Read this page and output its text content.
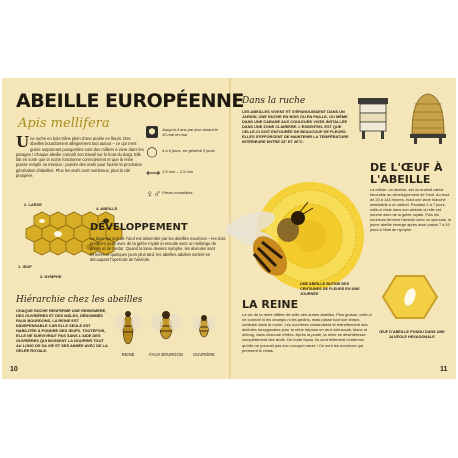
ABEILLE EUROPÉENNE
Apis mellifera
Une ruche en bois trône plein d'une prairie en fleurs. Des abeilles bourdonnent allègrement tout autour – ce qui n'est guère surprenant puisqu'elles sont des milliers à vivre dans les parages ! Chaque abeille connaît son travail sur le bout du doigt. Elle fait en sorte que la ruche fonctionne correctement et que la reine puisse remplir sa mission : pondre des œufs pour fournir la prochaine génération d'abeilles. Plus les œufs sont nombreux, plus la cité prospère.
⬢	Jusqu'à 4 ans par jour durant le 10 mai en mai
◯ 4 à 6 jours, en général 3 jours
⟷ 1,5 mm – 2,5 mm
♀♂ Fleurs mondiales
2. LARVE
4. ABEILLE
1. ŒUF
3. NYMPHE
DÉVELOPPEMENT
La larve qui sort de l'œuf est alimentée par les abeilles nourrices – les trois premiers jours avec de la gelée royale et ensuite avec un mélange de pollen et de nectar. Quand la larve devient nymphe, les alvéoles sont fermées et quelques jours plus tard, les abeilles adultes sortent en découpant l'opercule de l'alvéole.
Hiérarchie chez les abeilles
CHAQUE RUCHE RENFERME UNE REINE/MÈRE, DES OUVRIÈRES ET DES MÂLES, DÉNOMMÉS FAUX BOURDONS. LA REINE EST INDISPENSABLE CAR ELLE SEULE EST HABILITÉE À PONDRE DES ŒUFS. TOUTEFOIS, ELLE NE SURVIVRAIT PAS SANS L'AIDE DES OUVRIÈRES QUI BOSSENT LA NOURRIR TOUT AU LONG DE SA VIE ET SES ANNÉE AVEC DE LA GELÉE ROYALE.
REINE	FAUX BOURDON	OUVRIÈRE
10
Dans la ruche
LES ABEILLES VIVENT ET S'ÉPANOUISSENT DANS UN JARDIN, UNE RUCHE EN BOIS OU EN PAILLE, OU MÊME DANS UNE CABANE AUX COULEURS VIVES INSTALLÉE DANS UNE ZONE CLAIRIÈRE. L'ESSENTIEL EST QUE CELLE-CI SOIT ENTOURÉE DE BEAUCOUP DE FLEURS. ELLES S'EFFORCENT DE MAINTENIR LA TEMPÉRATURE INTÉRIEURE ENTRE 33° ET 36°C.
UNE ABEILLE BUTINE DES CENTAINES DE FLEURS EN UNE JOURNÉE
DE L'ŒUF À L'ABEILLE
La cellule, ou alvéole, est un endroit calme favorable au développement de l'œuf. Au bout de 20 à 144 heures, éclot une larve blanche semblable à un asticot. Pendant 4 à 7 jours, celle-ci reste dans son alvéole où elle est nourrie avec de la gelée royale. Puis les nourrices ferment l'alvéole avec un opercule, la jeune abeille émerge après avoir passé 7 à 10 jours à l'état de nymphe.
ŒUF D'ABEILLE PONDU DANS UNE ALVÉOLE HEXAGONALE
LA REINE
La vie de la reine diffère de celle des autres abeilles. Plus grosse, celle-ci ne connaît ni les champs ni les jardins, mais passe tout son temps confinée dans la ruche. Les ouvrières construisent et entretiennent des alvéoles hexagonales pour la reine dépose un œuf minuscule, blanc et oblong, dans chacune d'elles. Après la ponte, la reine se désintéresse complètement des œufs. De toute façon, ils sont tellement nombreux qu'elle ne pourrait pas s'en occuper seule ! Ce sont les nourrices qui prennent le relais.
11
